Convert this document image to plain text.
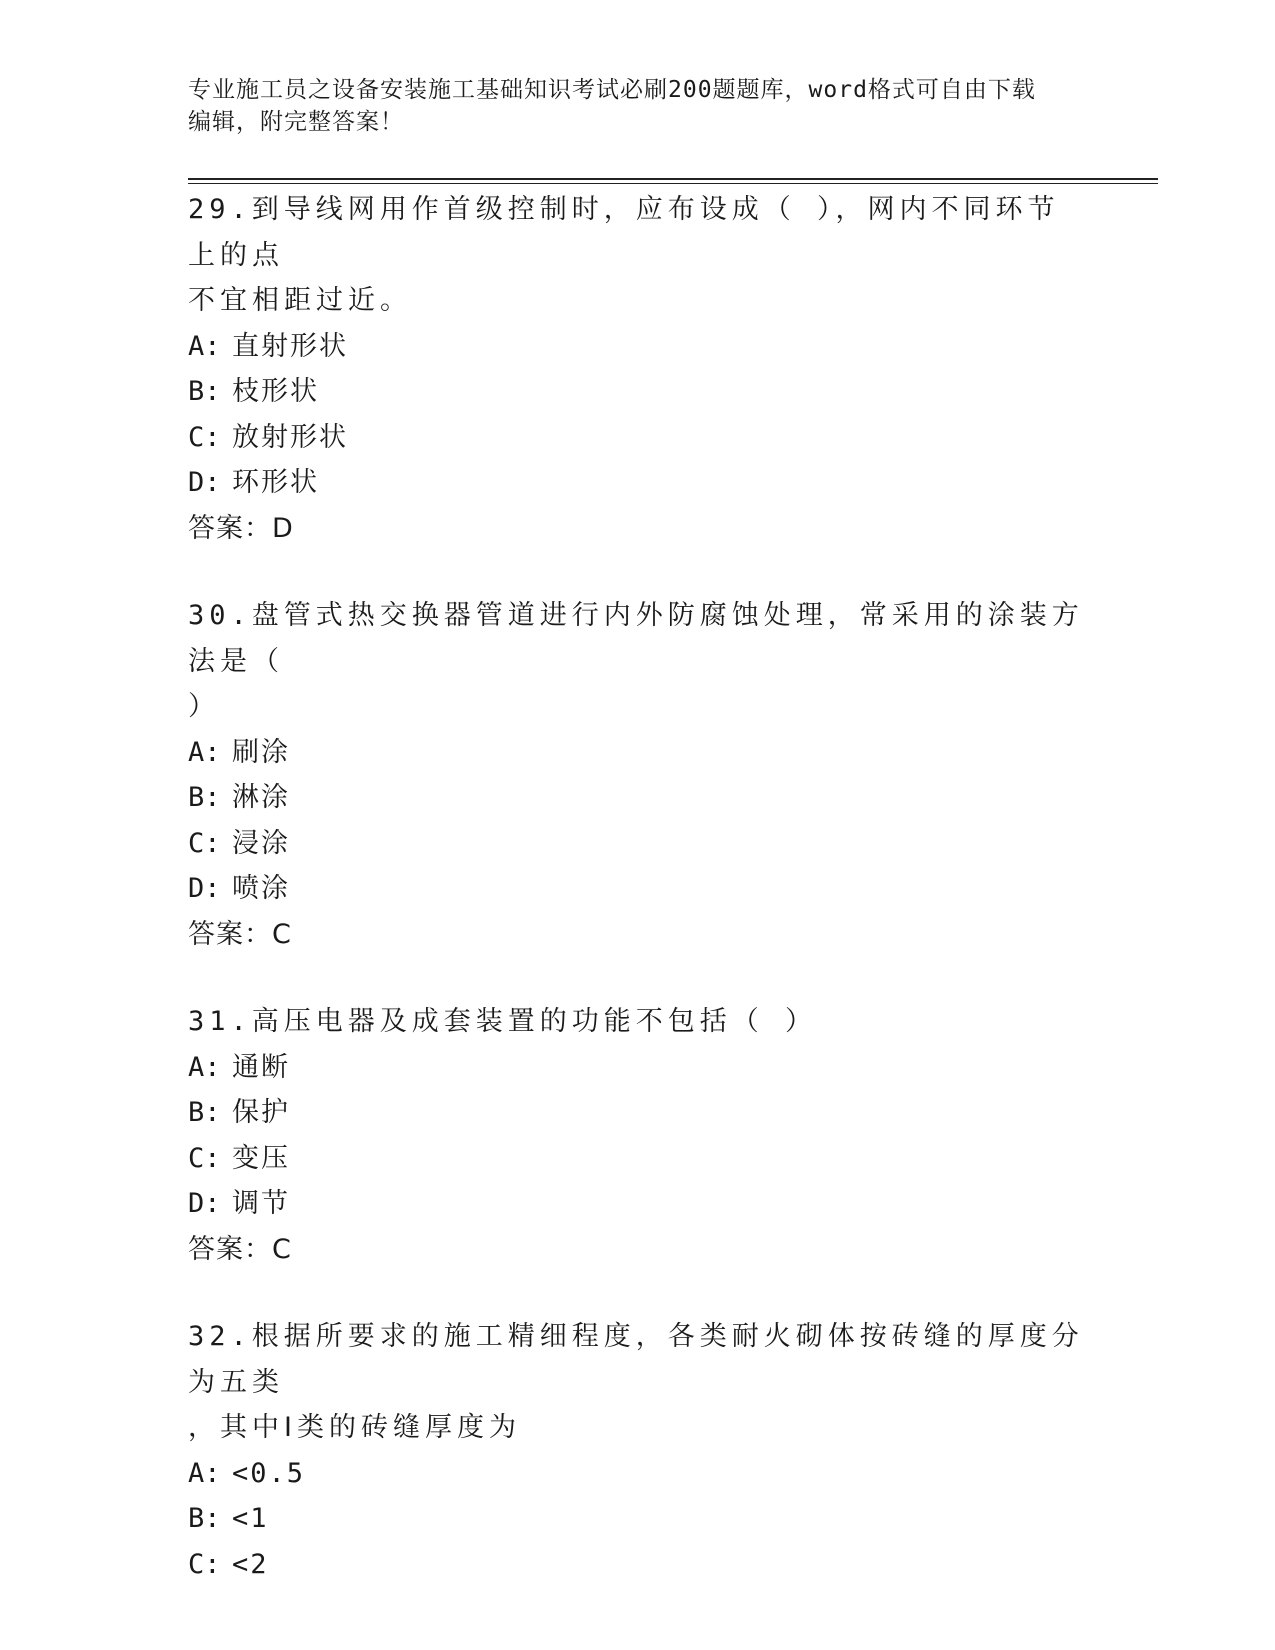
专业施工员之设备安装施工基础知识考试必刷200题题库，word格式可自由下载
编辑，附完整答案！
29.到导线网用作首级控制时，应布设成（ ），网内不同环节上的点
不宜相距过近。
A: 直射形状
B: 枝形状
C: 放射形状
D: 环形状
答案：D
30.盘管式热交换器管道进行内外防腐蚀处理，常采用的涂装方法是（
）
A: 刷涂
B: 淋涂
C: 浸涂
D: 喷涂
答案：C
31.高压电器及成套装置的功能不包括（ ）
A: 通断
B: 保护
C: 变压
D: 调节
答案：C
32.根据所要求的施工精细程度，各类耐火砌体按砖缝的厚度分为五类
，其中Ⅰ类的砖缝厚度为
A: <0.5
B: <1
C: <2
